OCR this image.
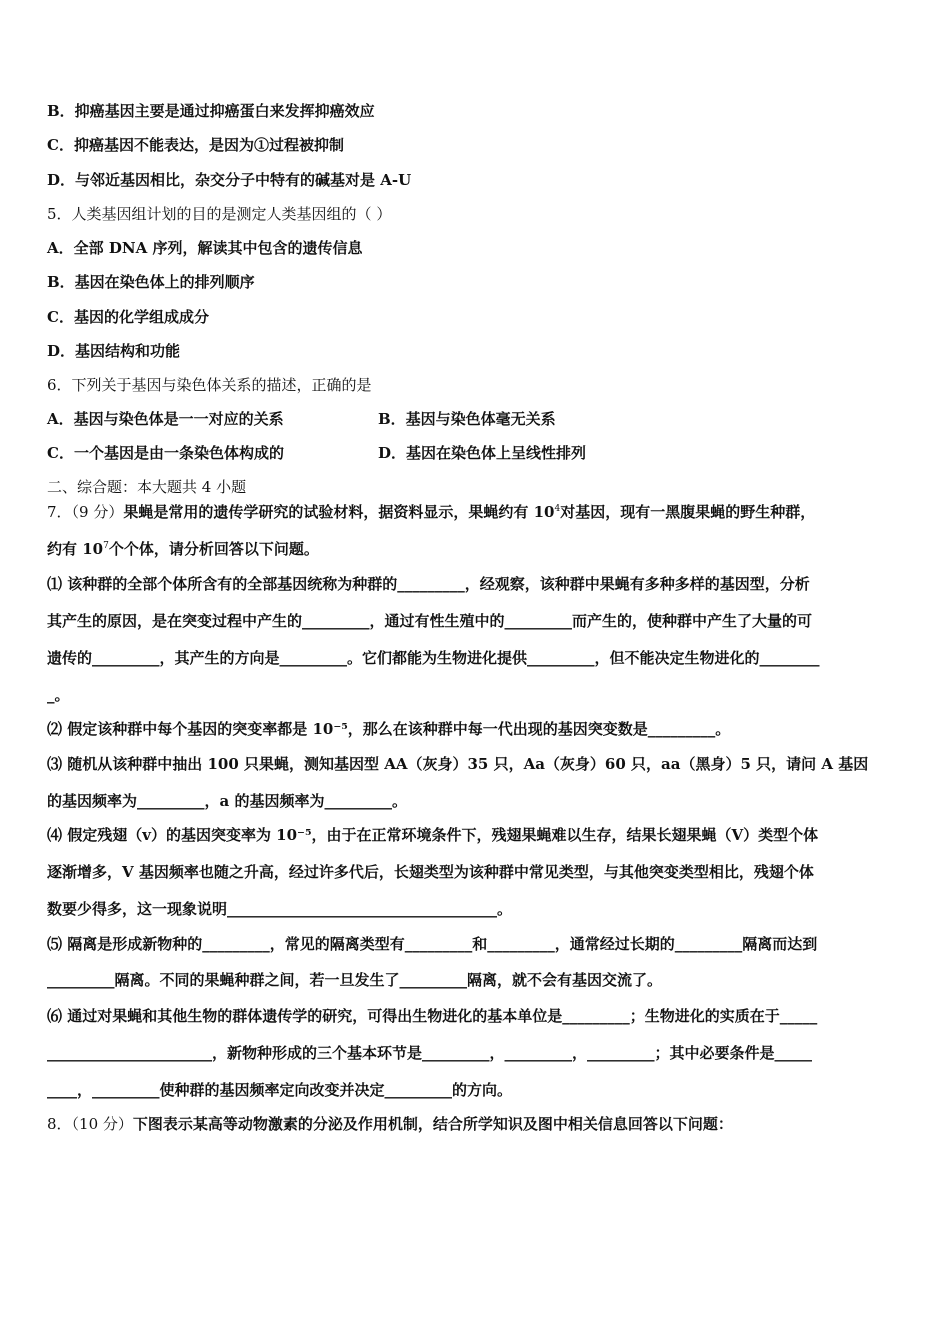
B．抑癌基因主要是通过抑癌蛋白来发挥抑癌效应
C．抑癌基因不能表达，是因为①过程被抑制
D．与邻近基因相比，杂交分子中特有的碱基对是 A-U
5．人类基因组计划的目的是测定人类基因组的（ ）
A．全部 DNA 序列，解读其中包含的遗传信息
B．基因在染色体上的排列顺序
C．基因的化学组成成分
D．基因结构和功能
6．下列关于基因与染色体关系的描述，正确的是
A．基因与染色体是一一对应的关系	B．基因与染色体毫无关系
C．一个基因是由一条染色体构成的	D．基因在染色体上呈线性排列
二、综合题：本大题共 4 小题
7．（9 分）果蝇是常用的遗传学研究的试验材料，据资料显示，果蝇约有 $10^4$对基因，现有一黑腹果蝇的野生种群，
约有 $10^7$个个体，请分析回答以下问题。
⑴ 该种群的全部个体所含有的全部基因统称为种群的_________，经观察，该种群中果蝇有多种多样的基因型，分析
其产生的原因，是在突变过程中产生的_________，通过有性生殖中的_________而产生的，使种群中产生了大量的可
遗传的_________，其产生的方向是_________。它们都能为生物进化提供_________，但不能决定生物进化的________
_。
⑵ 假定该种群中每个基因的突变率都是 10⁻⁵，那么在该种群中每一代出现的基因突变数是_________。
⑶ 随机从该种群中抽出 100 只果蝇，测知基因型 AA（灰身）35 只，Aa（灰身）60 只，aa（黑身）5 只，请问 A 基因
的基因频率为_________，a 的基因频率为_________。
⑷ 假定残翅（v）的基因突变率为 10⁻⁵，由于在正常环境条件下，残翅果蝇难以生存，结果长翅果蝇（V）类型个体
逐渐增多，V 基因频率也随之升高，经过许多代后，长翅类型为该种群中常见类型，与其他突变类型相比，残翅个体
数要少得多，这一现象说明____________________________________。
⑸ 隔离是形成新物种的_________，常见的隔离类型有_________和_________，通常经过长期的_________隔离而达到
_________隔离。不同的果蝇种群之间，若一旦发生了_________隔离，就不会有基因交流了。
⑹ 通过对果蝇和其他生物的群体遗传学的研究，可得出生物进化的基本单位是_________；生物进化的实质在于_____
______________________，新物种形成的三个基本环节是_________，_________，_________；其中必要条件是_____
____，_________使种群的基因频率定向改变并决定_________的方向。
8．（10 分）下图表示某高等动物激素的分泌及作用机制，结合所学知识及图中相关信息回答以下问题：
